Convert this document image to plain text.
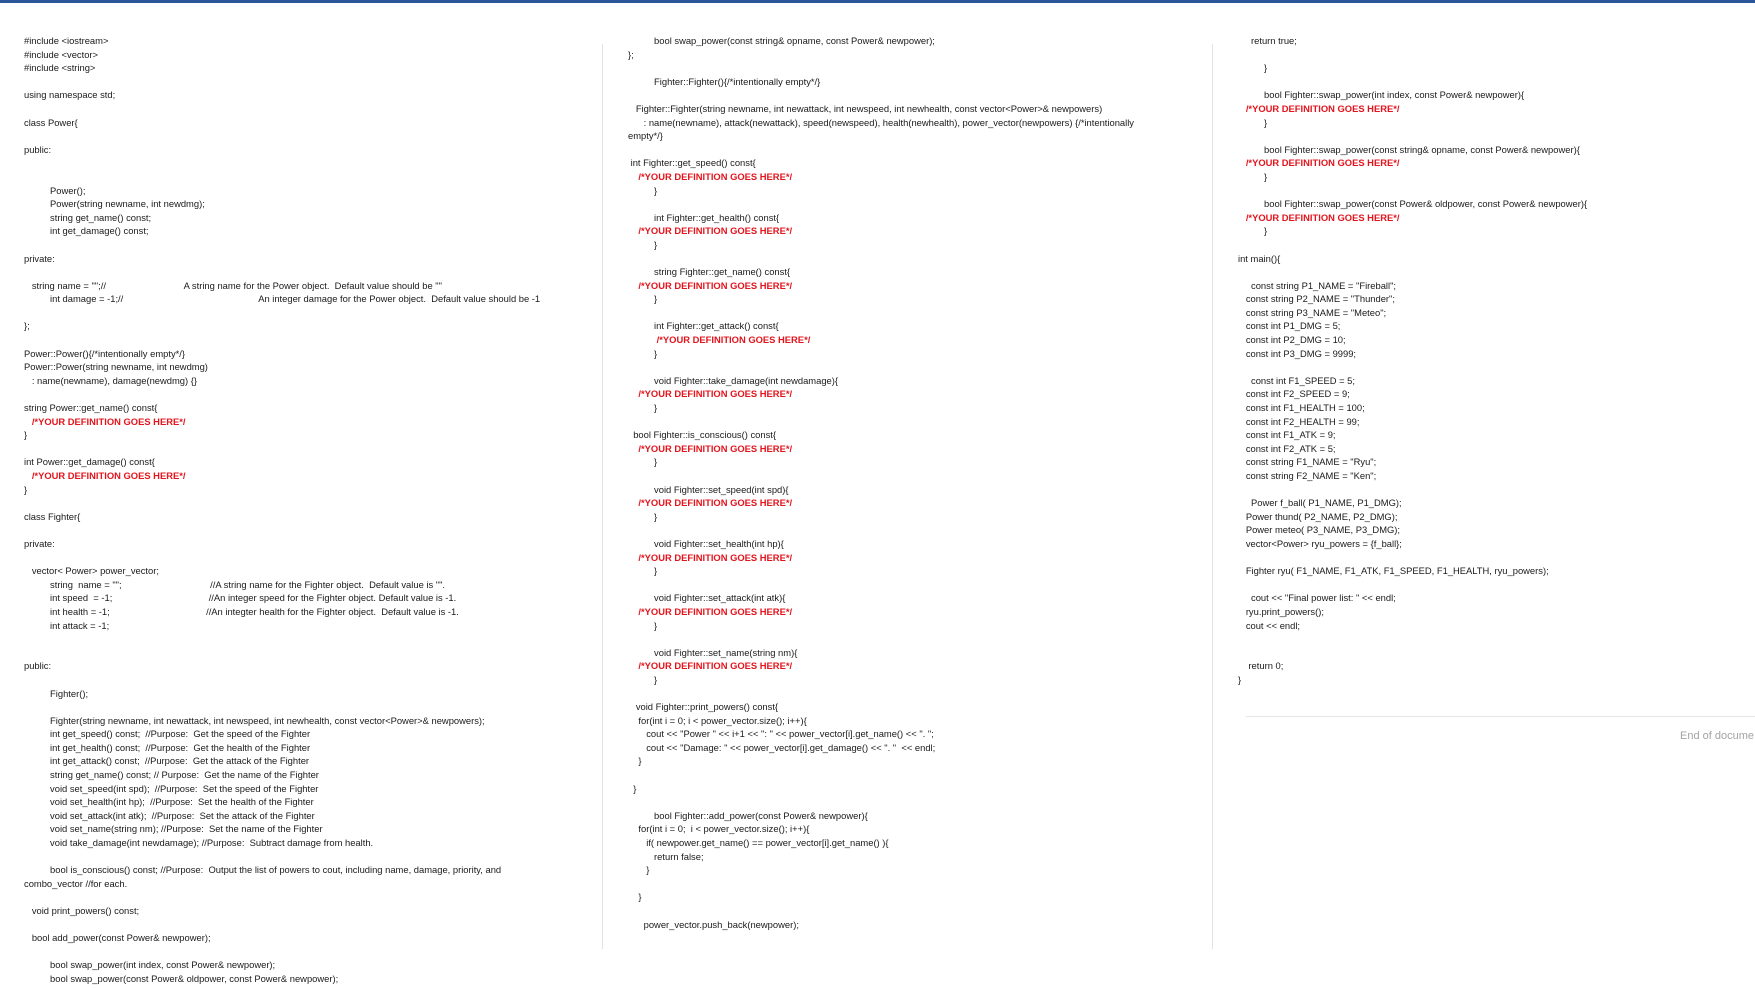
#include <iostream>
#include <vector>
#include <string>
using namespace std;
class Power{
public:
Power();
Power(string newname, int newdmg);
string get_name() const;
int get_damage() const;
private:
string name = "";//                              A string name for the Power object.  Default value should be ""
int damage = -1;//                                                    An integer damage for the Power object.  Default value should be -1
};
Power::Power(){/*intentionally empty*/}
Power::Power(string newname, int newdmg)
: name(newname), damage(newdmg) {}
string Power::get_name() const{
/*YOUR DEFINITION GOES HERE*/
}
int Power::get_damage() const{
/*YOUR DEFINITION GOES HERE*/
}
class Fighter{
private:
vector< Power> power_vector;
string  name = "";                                  //A string name for the Fighter object.  Default value is "".
int speed  = -1;                                     //An integer speed for the Fighter object. Default value is -1.
int health = -1;                                     //An integter health for the Fighter object.  Default value is -1.
int attack = -1;
public:
Fighter();
Fighter(string newname, int newattack, int newspeed, int newhealth, const vector<Power>& newpowers);
int get_speed() const;  //Purpose:  Get the speed of the Fighter
int get_health() const;  //Purpose:  Get the health of the Fighter
int get_attack() const;  //Purpose:  Get the attack of the Fighter
string get_name() const; // Purpose:  Get the name of the Fighter
void set_speed(int spd);  //Purpose:  Set the speed of the Fighter
void set_health(int hp);  //Purpose:  Set the health of the Fighter
void set_attack(int atk);  //Purpose:  Set the attack of the Fighter
void set_name(string nm); //Purpose:  Set the name of the Fighter
void take_damage(int newdamage); //Purpose:  Subtract damage from health.
bool is_conscious() const; //Purpose:  Output the list of powers to cout, including name, damage, priority, and
combo_vector //for each.
void print_powers() const;
bool add_power(const Power& newpower);
bool swap_power(int index, const Power& newpower);
bool swap_power(const Power& oldpower, const Power& newpower);
bool swap_power(const string& opname, const Power& newpower);
};
Fighter::Fighter(){/*intentionally empty*/}
Fighter::Fighter(string newname, int newattack, int newspeed, int newhealth, const vector<Power>& newpowers)
: name(newname), attack(newattack), speed(newspeed), health(newhealth), power_vector(newpowers) {/*intentionally
empty*/}
int Fighter::get_speed() const{
/*YOUR DEFINITION GOES HERE*/
}
int Fighter::get_health() const{
/*YOUR DEFINITION GOES HERE*/
}
string Fighter::get_name() const{
/*YOUR DEFINITION GOES HERE*/
}
int Fighter::get_attack() const{
/*YOUR DEFINITION GOES HERE*/
}
void Fighter::take_damage(int newdamage){
/*YOUR DEFINITION GOES HERE*/
}
bool Fighter::is_conscious() const{
/*YOUR DEFINITION GOES HERE*/
}
void Fighter::set_speed(int spd){
/*YOUR DEFINITION GOES HERE*/
}
void Fighter::set_health(int hp){
/*YOUR DEFINITION GOES HERE*/
}
void Fighter::set_attack(int atk){
/*YOUR DEFINITION GOES HERE*/
}
void Fighter::set_name(string nm){
/*YOUR DEFINITION GOES HERE*/
}
void Fighter::print_powers() const{
for(int i = 0; i < power_vector.size(); i++){
cout << "Power " << i+1 << ": " << power_vector[i].get_name() << ". ";
cout << "Damage: " << power_vector[i].get_damage() << ". "  << endl;
}
}
bool Fighter::add_power(const Power& newpower){
for(int i = 0;  i < power_vector.size(); i++){
if( newpower.get_name() == power_vector[i].get_name() ){
return false;
}
}
power_vector.push_back(newpower);
return true;
}
bool Fighter::swap_power(int index, const Power& newpower){
/*YOUR DEFINITION GOES HERE*/
}
bool Fighter::swap_power(const string& opname, const Power& newpower){
/*YOUR DEFINITION GOES HERE*/
}
bool Fighter::swap_power(const Power& oldpower, const Power& newpower){
/*YOUR DEFINITION GOES HERE*/
}
int main(){
const string P1_NAME = "Fireball";
const string P2_NAME = "Thunder";
const string P3_NAME = "Meteo";
const int P1_DMG = 5;
const int P2_DMG = 10;
const int P3_DMG = 9999;
const int F1_SPEED = 5;
const int F2_SPEED = 9;
const int F1_HEALTH = 100;
const int F2_HEALTH = 99;
const int F1_ATK = 9;
const int F2_ATK = 5;
const string F1_NAME = "Ryu";
const string F2_NAME = "Ken";
Power f_ball( P1_NAME, P1_DMG);
Power thund( P2_NAME, P2_DMG);
Power meteo( P3_NAME, P3_DMG);
vector<Power> ryu_powers = {f_ball};
Fighter ryu( F1_NAME, F1_ATK, F1_SPEED, F1_HEALTH, ryu_powers);
cout << "Final power list: " << endl;
ryu.print_powers();
cout << endl;
return 0;
}
End of docume
